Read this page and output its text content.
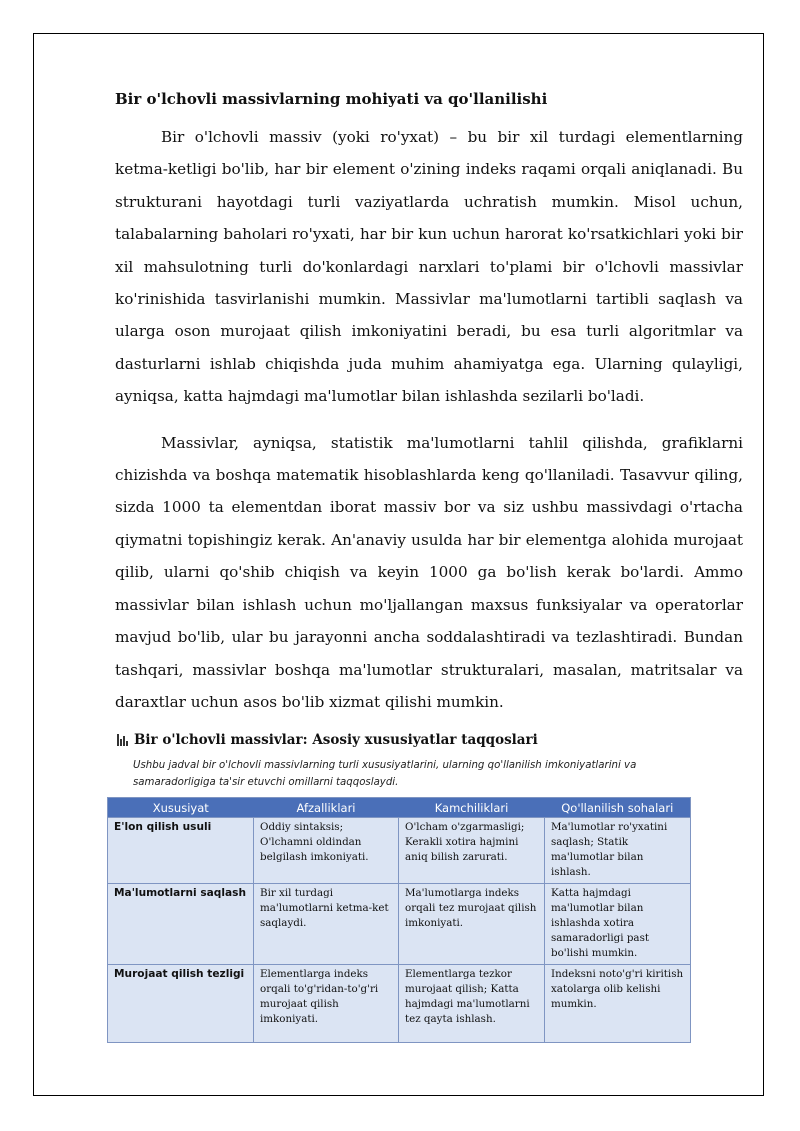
Bir o'lchovli massivlarning mohiyati va qo'llanilishi

Bir o'lchovli massiv (yoki ro'yxat) – bu bir xil turdagi elementlarning ketma-ketligi bo'lib, har bir element o'zining indeks raqami orqali aniqlanadi. Bu strukturani hayotdagi turli vaziyatlarda uchratish mumkin. Misol uchun, talabalarning baholari ro'yxati, har bir kun uchun harorat ko'rsatkichlari yoki bir xil mahsulotning turli do'konlardagi narxlari to'plami bir o'lchovli massivlar ko'rinishida tasvirlanishi mumkin. Massivlar ma'lumotlarni tartibli saqlash va ularga oson murojaat qilish imkoniyatini beradi, bu esa turli algoritmlar va dasturlarni ishlab chiqishda juda muhim ahamiyatga ega. Ularning qulayligi, ayniqsa, katta hajmdagi ma'lumotlar bilan ishlashda sezilarli bo'ladi.

Massivlar, ayniqsa, statistik ma'lumotlarni tahlil qilishda, grafiklarni chizishda va boshqa matematik hisoblashlarda keng qo'llaniladi. Tasavvur qiling, sizda 1000 ta elementdan iborat massiv bor va siz ushbu massivdagi o'rtacha qiymatni topishingiz kerak. An'anaviy usulda har bir elementga alohida murojaat qilib, ularni qo'shib chiqish va keyin 1000 ga bo'lish kerak bo'lardi. Ammo massivlar bilan ishlash uchun mo'ljallangan maxsus funksiyalar va operatorlar mavjud bo'lib, ular bu jarayonni ancha soddalashtiradi va tezlashtiradi. Bundan tashqari, massivlar boshqa ma'lumotlar strukturalari, masalan, matritsalar va daraxtlar uchun asos bo'lib xizmat qilishi mumkin.

Bir o'lchovli massivlar: Asosiy xususiyatlar taqqoslari
Ushbu jadval bir o'lchovli massivlarning turli xususiyatlarini, ularning qo'llanilish imkoniyatlarini va samaradorligiga ta'sir etuvchi omillarni taqqoslaydi.
Xususiyat	Afzalliklari	Kamchiliklari	Qo'llanilish sohalari
E'lon qilish usuli	Oddiy sintaksis; O'lchamni oldindan belgilash imkoniyati.	O'lcham o'zgarmasligi; Kerakli xotira hajmini aniq bilish zarurati.	Ma'lumotlar ro'yxatini saqlash; Statik ma'lumotlar bilan ishlash.
Ma'lumotlarni saqlash	Bir xil turdagi ma'lumotlarni ketma-ket saqlaydi.	Ma'lumotlarga indeks orqali tez murojaat qilish imkoniyati.	Katta hajmdagi ma'lumotlar bilan ishlashda xotira samaradorligi past bo'lishi mumkin.
Murojaat qilish tezligi	Elementlarga indeks orqali to'g'ridan-to'g'ri murojaat qilish imkoniyati.	Elementlarga tezkor murojaat qilish; Katta hajmdagi ma'lumotlarni tez qayta ishlash.	Indeksni noto'g'ri kiritish xatolarga olib kelishi mumkin.
